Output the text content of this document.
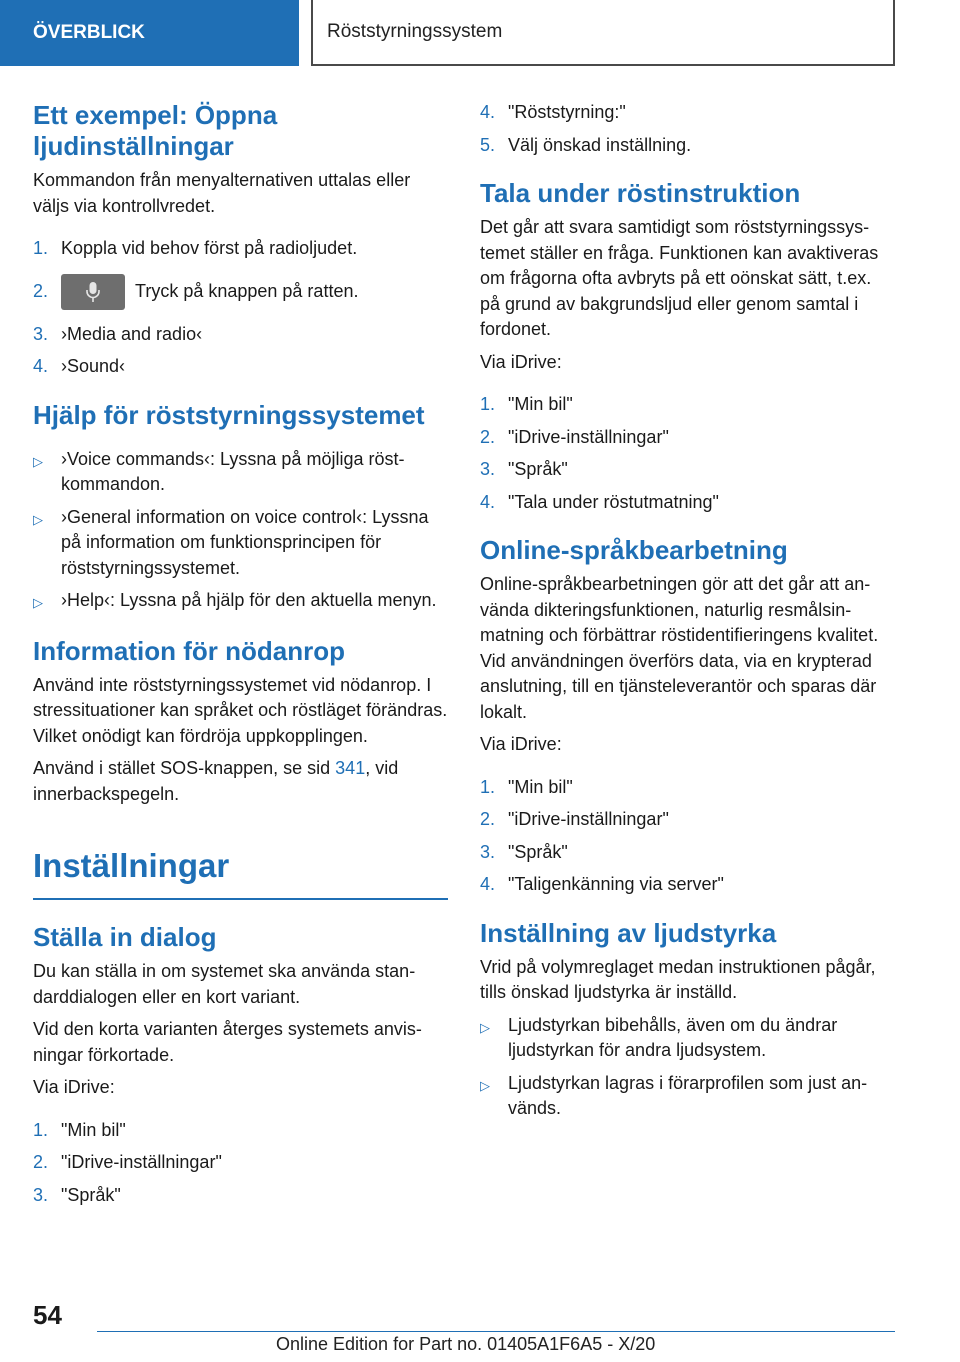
ÖVERBLICK	Röststyrningssystem
Ett exempel: Öppna ljudinställningar

Kommandon från menyalternativen uttalas eller väljs via kontrollvredet.

1. Koppla vid behov först på radioljudet.
2.	Tryck på knappen på ratten.
3. ›Media and radio‹
4. ›Sound‹
Hjälp för röststyrningssystemet
▷	›Voice commands‹: Lyssna på möjliga röstkommandon.
▷	›General information on voice control‹: Lyssna på information om funktionsprincipen för röststyrningssystemet.
▷	›Help‹: Lyssna på hjälp för den aktuella menyn.
Information för nödanrop

Använd inte röststyrningssystemet vid nödanrop. I stressituationer kan språket och röstläget förändras. Vilket onödigt kan fördröja uppkopplingen.

Använd i stället SOS-knappen, se sid 341, vid innerbackspegeln.

Inställningar
Ställa in dialog

Du kan ställa in om systemet ska använda standarddialogen eller en kort variant.

Vid den korta varianten återges systemets anvisningar förkortade.

Via iDrive:

1. "Min bil"
2. "iDrive-inställningar"
3. "Språk"
4. "Röststyrning:"
5. Välj önskad inställning.
Tala under röstinstruktion

Det går att svara samtidigt som röststyrningssystemet ställer en fråga. Funktionen kan avaktiveras om frågorna ofta avbryts på ett oönskat sätt, t.ex. på grund av bakgrundsljud eller genom samtal i fordonet.

Via iDrive:

1. "Min bil"
2. "iDrive-inställningar"
3. "Språk"
4. "Tala under röstutmatning"
Online-språkbearbetning

Online-språkbearbetningen gör att det går att använda dikteringsfunktionen, naturlig resmålsinmatning och förbättrar röstidentifieringens kvalitet. Vid användningen överförs data, via en krypterad anslutning, till en tjänsteleverantör och sparas där lokalt.

Via iDrive:

1. "Min bil"
2. "iDrive-inställningar"
3. "Språk"
4. "Taligenkänning via server"
Inställning av ljudstyrka

Vrid på volymreglaget medan instruktionen pågår, tills önskad ljudstyrka är inställd.

▷	Ljudstyrkan bibehålls, även om du ändrar ljudstyrkan för andra ljudsystem.
▷	Ljudstyrkan lagras i förarprofilen som just används.
54
Online Edition for Part no. 01405A1F6A5 - X/20
